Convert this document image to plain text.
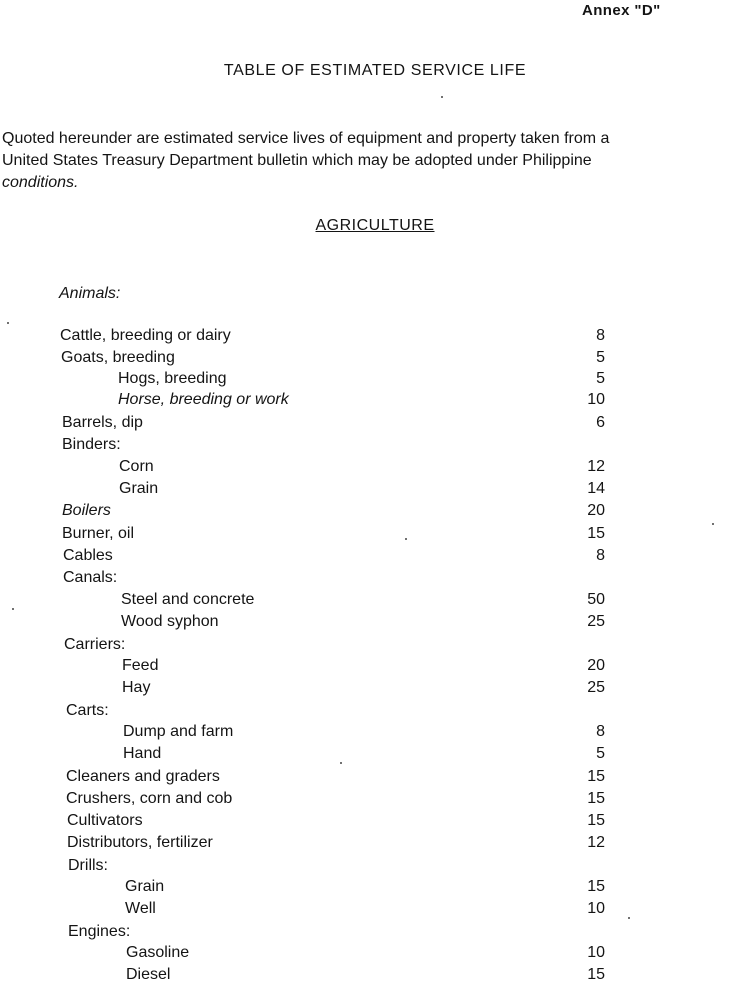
Annex "D"
TABLE OF ESTIMATED SERVICE LIFE

Quoted hereunder are estimated service lives of equipment and property taken from a

United States Treasury Department bulletin which may be adopted under Philippine

conditions.

AGRICULTURE
Animals:
Cattle, breeding or dairy	8
Goats, breeding	5
Hogs, breeding	5
Horse, breeding or work	10
Barrels, dip	6
Binders:
Corn	12
Grain	14
Boilers	20
Burner, oil	15
Cables	8
Canals:
Steel and concrete	50
Wood syphon	25
Carriers:
Feed	20
Hay	25
Carts:
Dump and farm	8
Hand	5
Cleaners and graders	15
Crushers, corn and cob	15
Cultivators	15
Distributors, fertilizer	12
Drills:
Grain	15
Well	10
Engines:
Gasoline	10
Diesel	15
